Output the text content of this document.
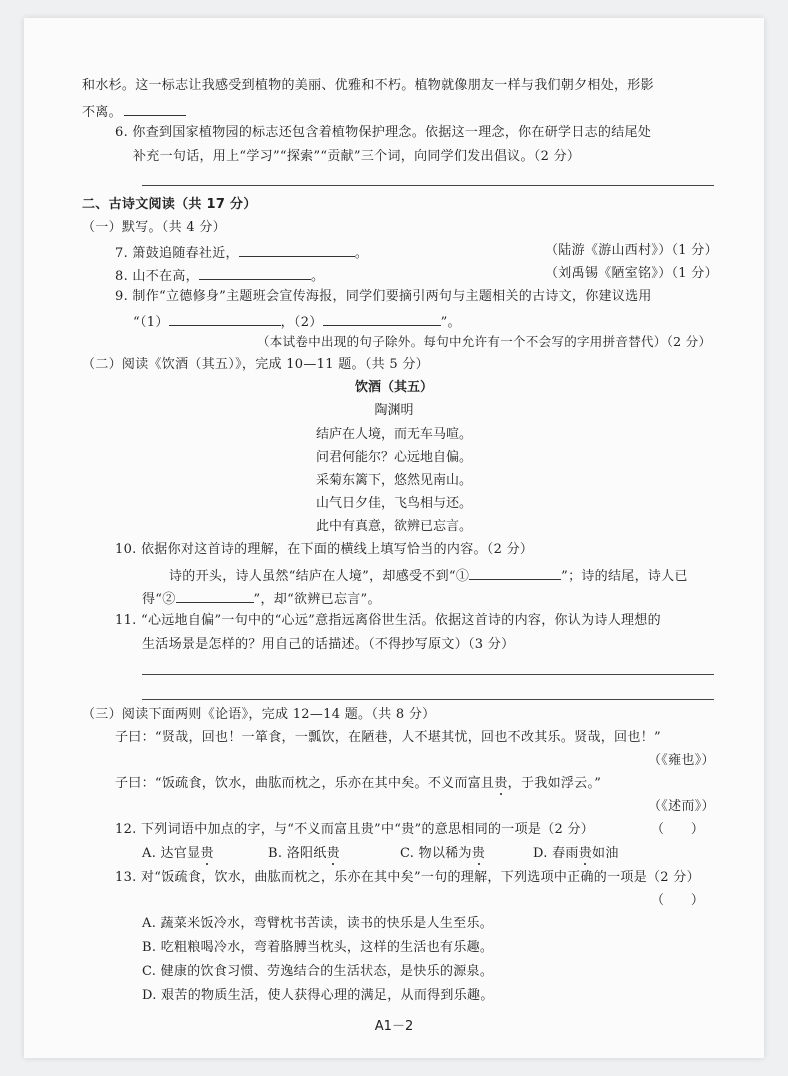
和水杉。这一标志让我感受到植物的美丽、优雅和不朽。植物就像朋友一样与我们朝夕相处，形影
不离。
6. 你查到国家植物园的标志还包含着植物保护理念。依据这一理念，你在研学日志的结尾处
补充一句话，用上“学习”“探索”“贡献”三个词，向同学们发出倡议。（2 分）
二、古诗文阅读（共 17 分）
（一）默写。（共 4 分）
7. 箫鼓追随春社近，	。	（陆游《游山西村》）（1 分）
8. 山不在高，	。	（刘禹锡《陋室铭》）（1 分）
9. 制作“立德修身”主题班会宣传海报，同学们要摘引两句与主题相关的古诗文，你建议选用
“（1）	，（2）	”。
（本试卷中出现的句子除外。每句中允许有一个不会写的字用拼音替代）（2 分）
（二）阅读《饮酒（其五）》，完成 10—11 题。（共 5 分）
饮酒（其五）
陶渊明
结庐在人境，而无车马喧。
问君何能尔？心远地自偏。
采菊东篱下，悠然见南山。
山气日夕佳，飞鸟相与还。
此中有真意，欲辨已忘言。
10. 依据你对这首诗的理解，在下面的横线上填写恰当的内容。（2 分）
诗的开头，诗人虽然“结庐在人境”，却感受不到“①	”；诗的结尾，诗人已
得“②	”，却“欲辨已忘言”。
11. “心远地自偏”一句中的“心远”意指远离俗世生活。依据这首诗的内容，你认为诗人理想的
生活场景是怎样的？用自己的话描述。（不得抄写原文）（3 分）
（三）阅读下面两则《论语》，完成 12—14 题。（共 8 分）
子曰：“贤哉，回也！一箪食，一瓢饮，在陋巷，人不堪其忧，回也不改其乐。贤哉，回也！”
（《雍也》）
子曰：“饭疏食，饮水，曲肱而枕之，乐亦在其中矣。不义而富且贵，于我如浮云。”
（《述而》）
12. 下列词语中加点的字，与“不义而富且贵”中“贵”的意思相同的一项是（2 分）	（　　）
A. 达官显贵	B. 洛阳纸贵	C. 物以稀为贵	D. 春雨贵如油
13. 对“饭疏食，饮水，曲肱而枕之，乐亦在其中矣”一句的理解，下列选项中正确的一项是（2 分）
（　　）
A. 蔬菜米饭冷水，弯臂枕书苦读，读书的快乐是人生至乐。
B. 吃粗粮喝冷水，弯着胳膊当枕头，这样的生活也有乐趣。
C. 健康的饮食习惯、劳逸结合的生活状态，是快乐的源泉。
D. 艰苦的物质生活，使人获得心理的满足，从而得到乐趣。
A1－2
